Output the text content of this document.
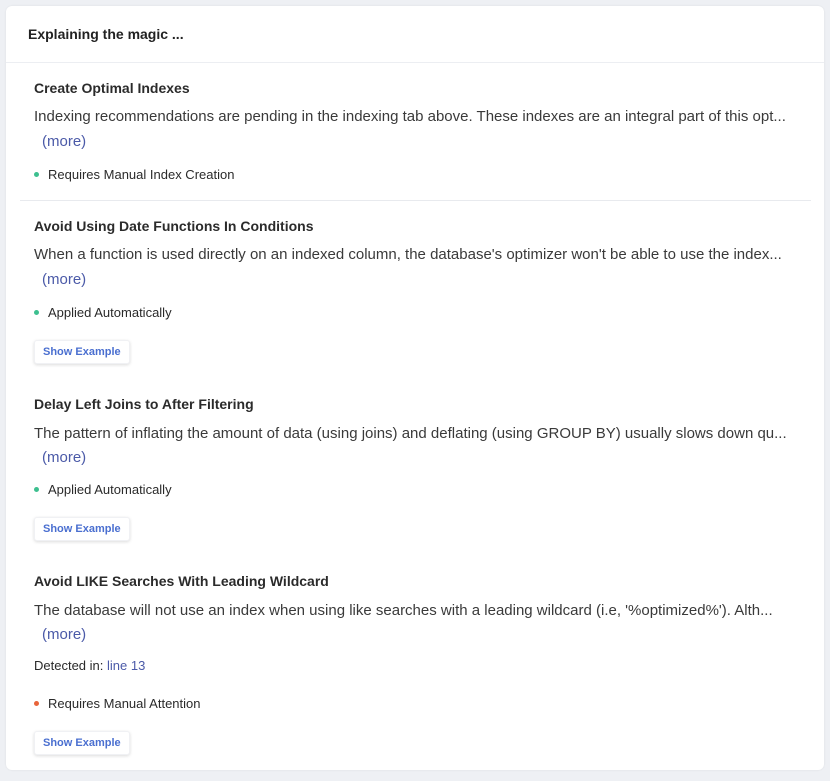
Explaining the magic ...
Create Optimal Indexes
Indexing recommendations are pending in the indexing tab above. These indexes are an integral part of this opt...
(more)
Requires Manual Index Creation
Avoid Using Date Functions In Conditions
When a function is used directly on an indexed column, the database's optimizer won't be able to use the index...
(more)
Applied Automatically
Show Example
Delay Left Joins to After Filtering
The pattern of inflating the amount of data (using joins) and deflating (using GROUP BY) usually slows down qu...
(more)
Applied Automatically
Show Example
Avoid LIKE Searches With Leading Wildcard
The database will not use an index when using like searches with a leading wildcard (i.e, '%optimized%'). Alth...
(more)
Detected in: line 13
Requires Manual Attention
Show Example
